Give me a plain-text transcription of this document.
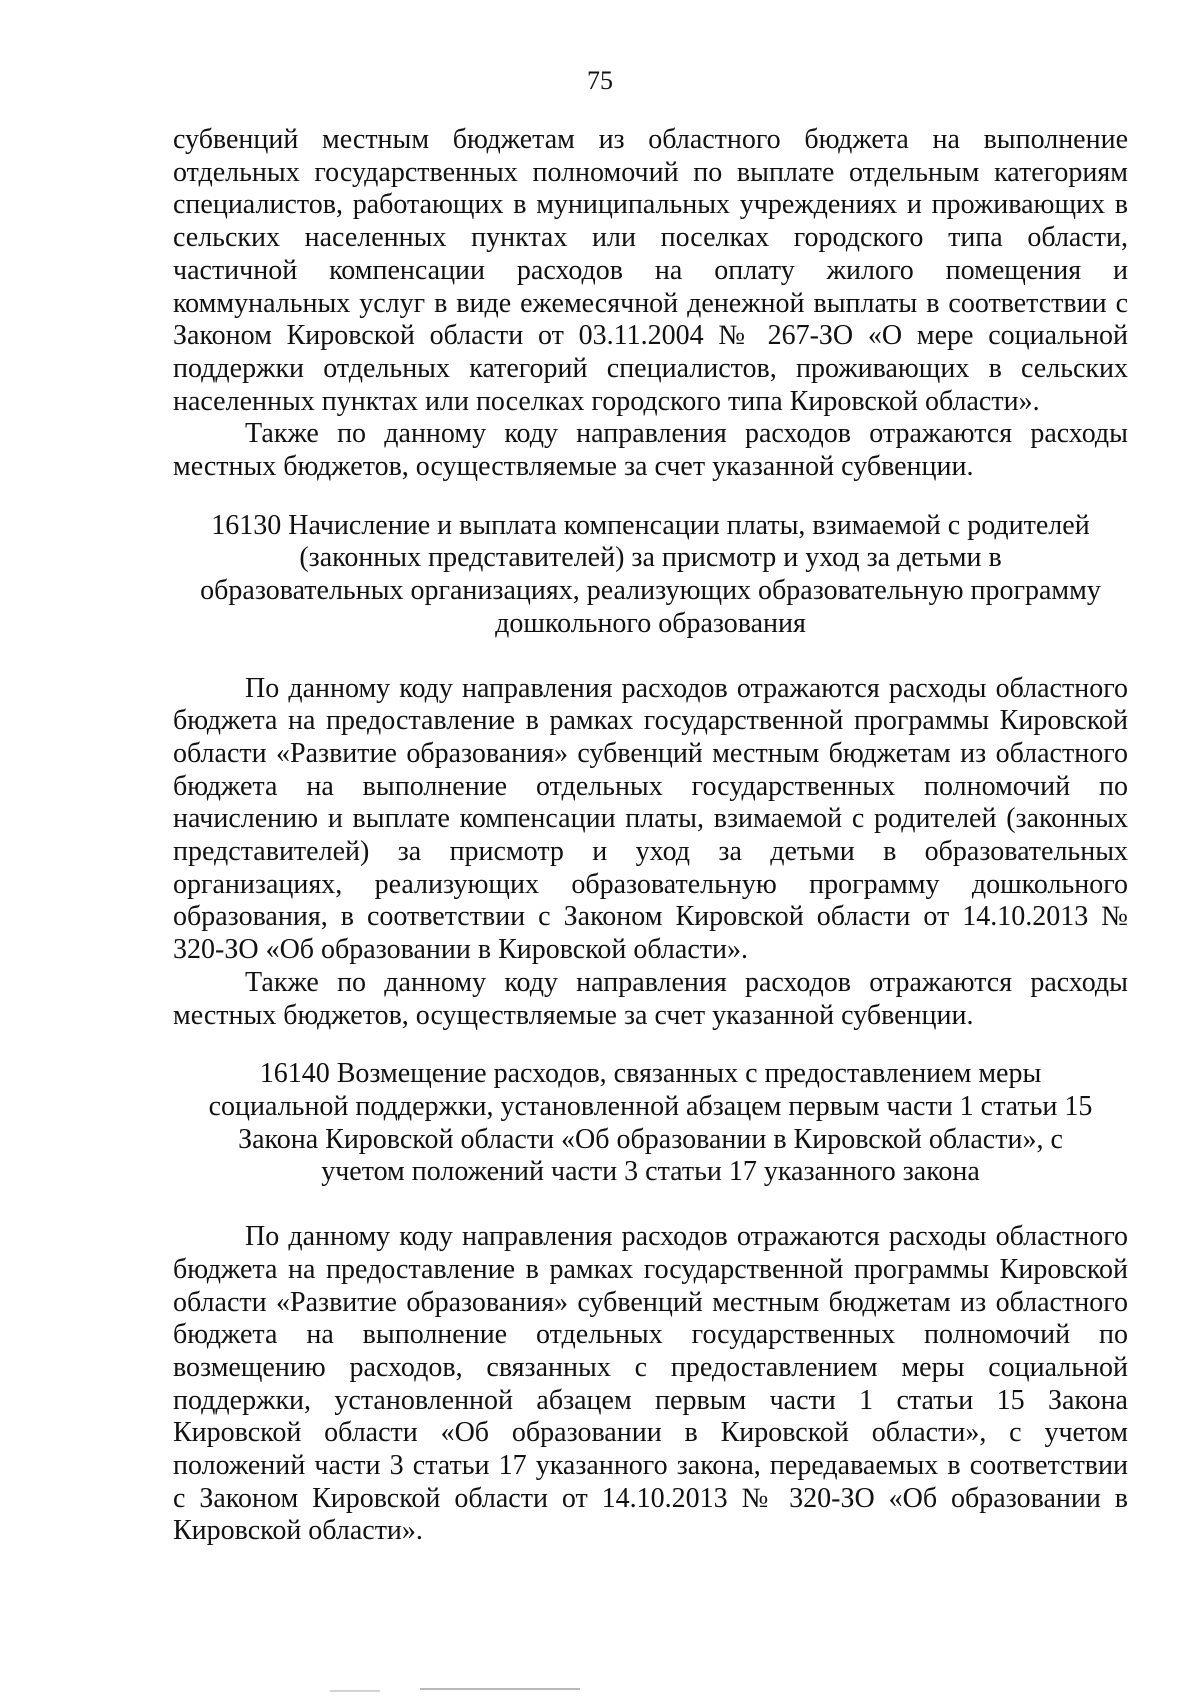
75

субвенций местным бюджетам из областного бюджета на выполнение отдельных государственных полномочий по выплате отдельным категориям специалистов, работающих в муниципальных учреждениях и проживающих в сельских населенных пунктах или поселках городского типа области, частичной компенсации расходов на оплату жилого помещения и коммунальных услуг в виде ежемесячной денежной выплаты в соответствии с Законом Кировской области от 03.11.2004 № 267-ЗО «О мере социальной поддержки отдельных категорий специалистов, проживающих в сельских населенных пунктах или поселках городского типа Кировской области».

Также по данному коду направления расходов отражаются расходы местных бюджетов, осуществляемые за счет указанной субвенции.

16130 Начисление и выплата компенсации платы, взимаемой с родителей (законных представителей) за присмотр и уход за детьми в образовательных организациях, реализующих образовательную программу дошкольного образования

По данному коду направления расходов отражаются расходы областного бюджета на предоставление в рамках государственной программы Кировской области «Развитие образования» субвенций местным бюджетам из областного бюджета на выполнение отдельных государственных полномочий по начислению и выплате компенсации платы, взимаемой с родителей (законных представителей) за присмотр и уход за детьми в образовательных организациях, реализующих образовательную программу дошкольного образования, в соответствии с Законом Кировской области от 14.10.2013 № 320-ЗО «Об образовании в Кировской области».

Также по данному коду направления расходов отражаются расходы местных бюджетов, осуществляемые за счет указанной субвенции.

16140 Возмещение расходов, связанных с предоставлением меры социальной поддержки, установленной абзацем первым части 1 статьи 15 Закона Кировской области «Об образовании в Кировской области», с учетом положений части 3 статьи 17 указанного закона

По данному коду направления расходов отражаются расходы областного бюджета на предоставление в рамках государственной программы Кировской области «Развитие образования» субвенций местным бюджетам из областного бюджета на выполнение отдельных государственных полномочий по возмещению расходов, связанных с предоставлением меры социальной поддержки, установленной абзацем первым части 1 статьи 15 Закона Кировской области «Об образовании в Кировской области», с учетом положений части 3 статьи 17 указанного закона, передаваемых в соответствии с Законом Кировской области от 14.10.2013 № 320-ЗО «Об образовании в Кировской области».
